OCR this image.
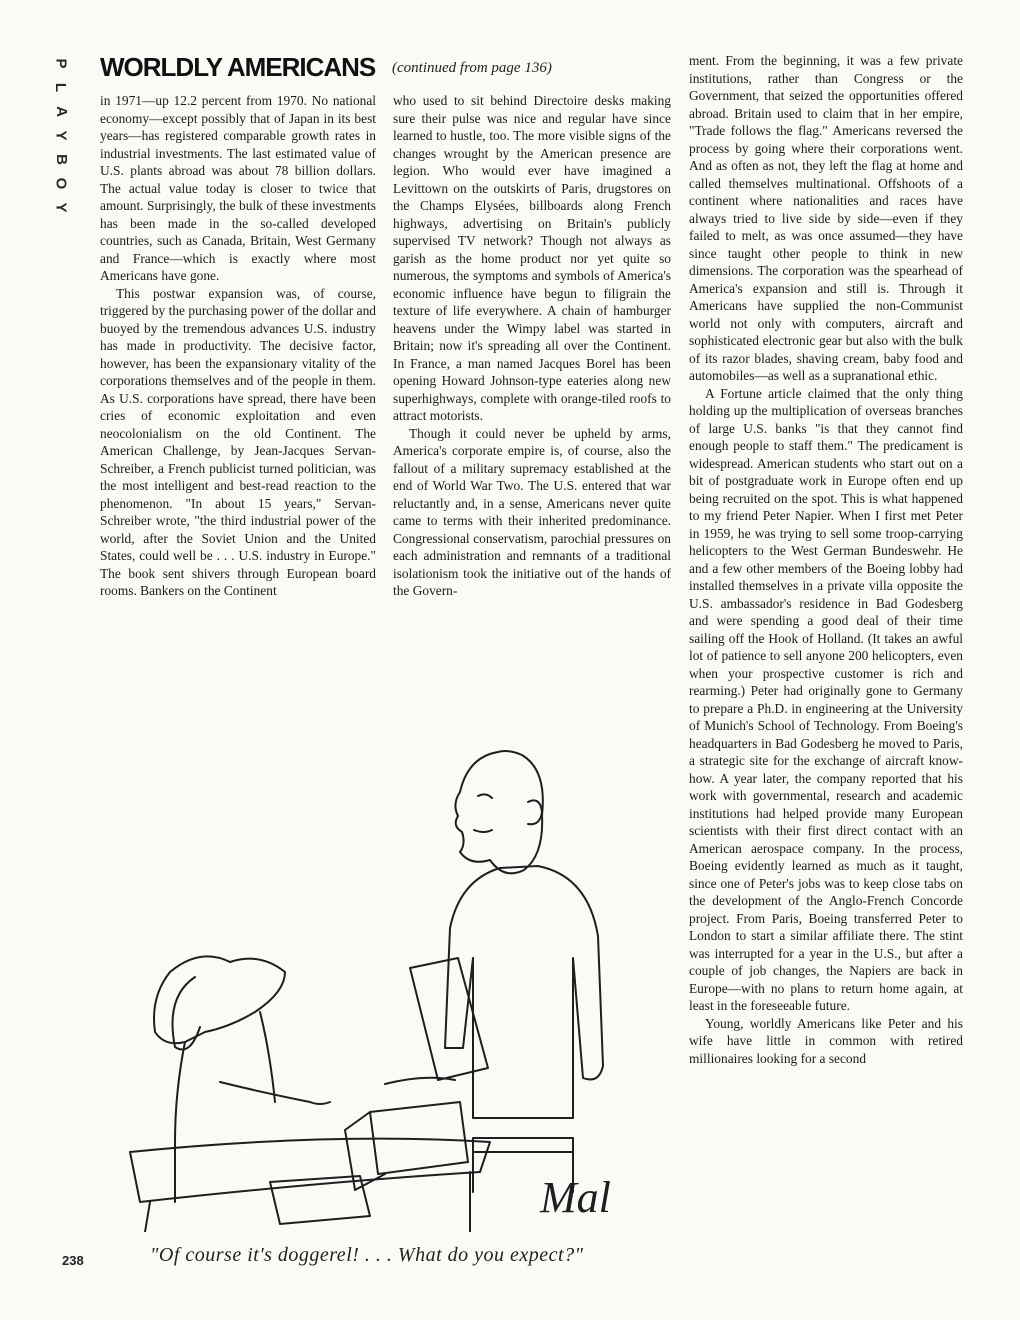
P
L
A
Y
B
O
Y
WORLDLY AMERICANS (continued from page 136)

in 1971—up 12.2 percent from 1970. No national economy—except possibly that of Japan in its best years—has registered comparable growth rates in industrial investments. The last estimated value of U.S. plants abroad was about 78 billion dollars. The actual value today is closer to twice that amount. Surprisingly, the bulk of these investments has been made in the so-called developed countries, such as Canada, Britain, West Germany and France—which is exactly where most Americans have gone.

This postwar expansion was, of course, triggered by the purchasing power of the dollar and buoyed by the tremendous advances U.S. industry has made in productivity. The decisive factor, however, has been the expansionary vitality of the corporations themselves and of the people in them. As U.S. corporations have spread, there have been cries of economic exploitation and even neocolonialism on the old Continent. The American Challenge, by Jean-Jacques Servan-Schreiber, a French publicist turned politician, was the most intelligent and best-read reaction to the phenomenon. "In about 15 years," Servan-Schreiber wrote, "the third industrial power of the world, after the Soviet Union and the United States, could well be . . . U.S. industry in Europe." The book sent shivers through European board rooms. Bankers on the Continent

who used to sit behind Directoire desks making sure their pulse was nice and regular have since learned to hustle, too. The more visible signs of the changes wrought by the American presence are legion. Who would ever have imagined a Levittown on the outskirts of Paris, drugstores on the Champs Elysées, billboards along French highways, advertising on Britain's publicly supervised TV network? Though not always as garish as the home product nor yet quite so numerous, the symptoms and symbols of America's economic influence have begun to filigrain the texture of life everywhere. A chain of hamburger heavens under the Wimpy label was started in Britain; now it's spreading all over the Continent. In France, a man named Jacques Borel has been opening Howard Johnson-type eateries along new superhighways, complete with orange-tiled roofs to attract motorists.

Though it could never be upheld by arms, America's corporate empire is, of course, also the fallout of a military supremacy established at the end of World War Two. The U.S. entered that war reluctantly and, in a sense, Americans never quite came to terms with their inherited predominance. Congressional conservatism, parochial pressures on each administration and remnants of a traditional isolationism took the initiative out of the hands of the Govern-

ment. From the beginning, it was a few private institutions, rather than Congress or the Government, that seized the opportunities offered abroad. Britain used to claim that in her empire, "Trade follows the flag." Americans reversed the process by going where their corporations went. And as often as not, they left the flag at home and called themselves multinational. Offshoots of a continent where nationalities and races have always tried to live side by side—even if they failed to melt, as was once assumed—they have since taught other people to think in new dimensions. The corporation was the spearhead of America's expansion and still is. Through it Americans have supplied the non-Communist world not only with computers, aircraft and sophisticated electronic gear but also with the bulk of its razor blades, shaving cream, baby food and automobiles—as well as a supranational ethic.

A Fortune article claimed that the only thing holding up the multiplication of overseas branches of large U.S. banks "is that they cannot find enough people to staff them." The predicament is widespread. American students who start out on a bit of postgraduate work in Europe often end up being recruited on the spot. This is what happened to my friend Peter Napier. When I first met Peter in 1959, he was trying to sell some troop-carrying helicopters to the West German Bundeswehr. He and a few other members of the Boeing lobby had installed themselves in a private villa opposite the U.S. ambassador's residence in Bad Godesberg and were spending a good deal of their time sailing off the Hook of Holland. (It takes an awful lot of patience to sell anyone 200 helicopters, even when your prospective customer is rich and rearming.) Peter had originally gone to Germany to prepare a Ph.D. in engineering at the University of Munich's School of Technology. From Boeing's headquarters in Bad Godesberg he moved to Paris, a strategic site for the exchange of aircraft know-how. A year later, the company reported that his work with governmental, research and academic institutions had helped provide many European scientists with their first direct contact with an American aerospace company. In the process, Boeing evidently learned as much as it taught, since one of Peter's jobs was to keep close tabs on the development of the Anglo-French Concorde project. From Paris, Boeing transferred Peter to London to start a similar affiliate there. The stint was interrupted for a year in the U.S., but after a couple of job changes, the Napiers are back in Europe—with no plans to return home again, at least in the foreseeable future.

Young, worldly Americans like Peter and his wife have little in common with retired millionaires looking for a second

Mal
"Of course it's doggerel! . . . What do you expect?"
238
